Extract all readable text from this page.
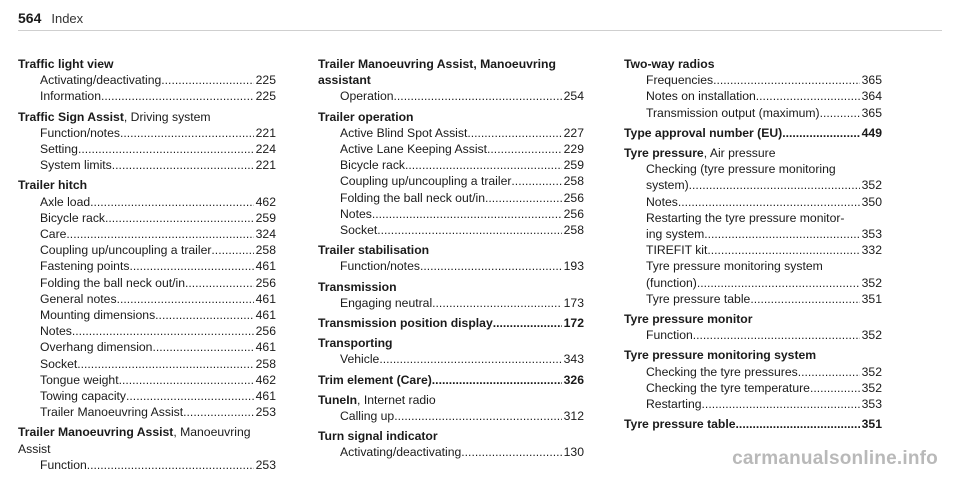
564 Index
Traffic light view
Activating/deactivating .....	225
Information .....	225
Traffic Sign Assist, Driving system
Function/notes .....	221
Setting .....	224
System limits .....	221
Trailer hitch
Axle load .....	462
Bicycle rack .....	259
Care .....	324
Coupling up/uncoupling a trailer .....	258
Fastening points .....	461
Folding the ball neck out/in .....	256
General notes .....	461
Mounting dimensions .....	461
Notes .....	256
Overhang dimension .....	461
Socket .....	258
Tongue weight .....	462
Towing capacity .....	461
Trailer Manoeuvring Assist .....	253
Trailer Manoeuvring Assist, Manoeuvring
Assist
Function .....	253
Trailer Manoeuvring Assist, Manoeuvring
assistant
Operation .....	254
Trailer operation
Active Blind Spot Assist .....	227
Active Lane Keeping Assist .....	229
Bicycle rack .....	259
Coupling up/uncoupling a trailer .....	258
Folding the ball neck out/in .....	256
Notes .....	256
Socket .....	258
Trailer stabilisation
Function/notes .....	193
Transmission
Engaging neutral .....	173
Transmission position display .....	172
Transporting
Vehicle .....	343
Trim element (Care) .....	326
TuneIn, Internet radio
Calling up .....	312
Turn signal indicator
Activating/deactivating .....	130
Two-way radios
Frequencies .....	365
Notes on installation .....	364
Transmission output (maximum) .....	365
Type approval number (EU) .....	449
Tyre pressure, Air pressure
Checking (tyre pressure monitoring
system) .....	352
Notes .....	350
Restarting the tyre pressure monitor-
ing system .....	353
TIREFIT kit .....	332
Tyre pressure monitoring system
(function) .....	352
Tyre pressure table .....	351
Tyre pressure monitor
Function .....	352
Tyre pressure monitoring system
Checking the tyre pressures .....	352
Checking the tyre temperature .....	352
Restarting .....	353
Tyre pressure table .....	351
carmanualsonline.info
